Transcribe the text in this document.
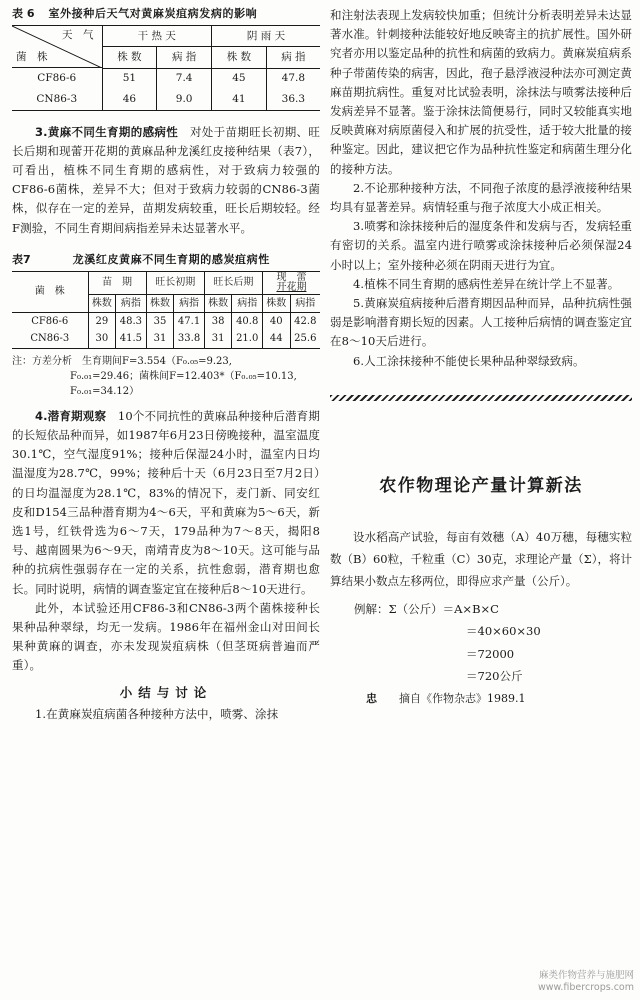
表 6 室外接种后天气对黄麻炭疽病发病的影响
天　气
菌　株	干 热 天		阴 雨 天	
	株 数	病 指	株 数	病 指
CF86-6	51	7.4	45	47.8
CN86-3	46	9.0	41	36.3

3.黄麻不同生育期的感病性　 对处于苗期旺长初期、旺长后期和现蕾开花期的黄麻品种龙溪红皮接种结果（表7），可看出，植株不同生育期的感病性，对于致病力较强的CF86-6菌株，差异不大；但对于致病力较弱的CN86-3菌株，似存在一定的差异，苗期发病较重，旺长后期较轻。经F测验，不同生育期间病指差异未达显著水平。

表7	龙溪红皮黄麻不同生育期的感炭疽病性
菌　株	苗　期		旺长初期		旺长后期		现　蕾
开花期	
	株数	病指	株数	病指	株数	病指	株数	病指
CF86-6	29	48.3	35	47.1	38	40.8	40	42.8
CN86-3	30	41.5	31	33.8	31	21.0	44	25.6
注：方差分析　生育期间F=3.554（F₀.₀₅=9.23,
F₀.₀₁=29.46；菌株间F=12.403*（F₀.₀₅=10.13,
F₀.₀₁=34.12）

4.潜育期观察　 10个不同抗性的黄麻品种接种后潜育期的长短依品种而异，如1987年6月23日傍晚接种，温室温度30.1℃，空气湿度91%；接种后保湿24小时，温室内日均温湿度为28.7℃，99%；接种后十天（6月23日至7月2日）的日均温湿度为28.1℃，83%的情况下，麦门新、同安红皮和D154三品种潜育期为4～6天，平和黄麻为5～6天，新选1号，红铁骨选为6～7天，179品种为7～8天，揭阳8号、越南圆果为6～9天，南靖青皮为8～10天。这可能与品种的抗病性强弱存在一定的关系，抗性愈弱，潜育期也愈长。同时说明，病情的调查鉴定宜在接种后8～10天进行。

此外，本试验还用CF86-3和CN86-3两个菌株接种长果种品种翠绿，均无一发病。1986年在福州金山对田间长果种黄麻的调查，亦未发现炭疽病株（但茎斑病普遍而严重）。

小结与讨论

1.在黄麻炭疽病菌各种接种方法中，喷雾、涂抹

和注射法表现上发病较快加重；但统计分析表明差异未达显著水准。针刺接种法能较好地反映寄主的抗扩展性。国外研究者亦用以鉴定品种的抗性和病菌的致病力。黄麻炭疽病系种子带菌传染的病害，因此，孢子悬浮液浸种法亦可测定黄麻苗期抗病性。重复对比试验表明，涂抹法与喷雾法接种后发病差异不显著。鉴于涂抹法简便易行，同时又较能真实地反映黄麻对病原菌侵入和扩展的抗受性，适于较大批量的接种鉴定。因此，建议把它作为品种抗性鉴定和病菌生理分化的接种方法。

2.不论那种接种方法，不同孢子浓度的悬浮液接种结果均具有显著差异。病情轻重与孢子浓度大小成正相关。

3.喷雾和涂抹接种后的湿度条件和发病与否，发病轻重有密切的关系。温室内进行喷雾或涂抹接种后必须保湿24小时以上；室外接种必须在阴雨天进行为宜。

4.植株不同生育期的感病性差异在统计学上不显著。

5.黄麻炭疽病接种后潜育期因品种而异，品种抗病性强弱是影响潜育期长短的因素。人工接种后病情的调查鉴定宜在8～10天后进行。

6.人工涂抹接种不能使长果种品种翠绿致病。

农作物理论产量计算新法

设水稻高产试验，每亩有效穗（A）40万穗，每穗实粒数（B）60粒，千粒重（C）30克，求理论产量（Σ），将计算结果小数点左移两位，即得应求产量（公斤）。

例解： Σ（公斤）＝A×B×C
＝40×60×30
＝72000
＝720公斤
忠 摘自《作物杂志》1989.1
麻类作物营养与施肥网
www.fibercrops.com
